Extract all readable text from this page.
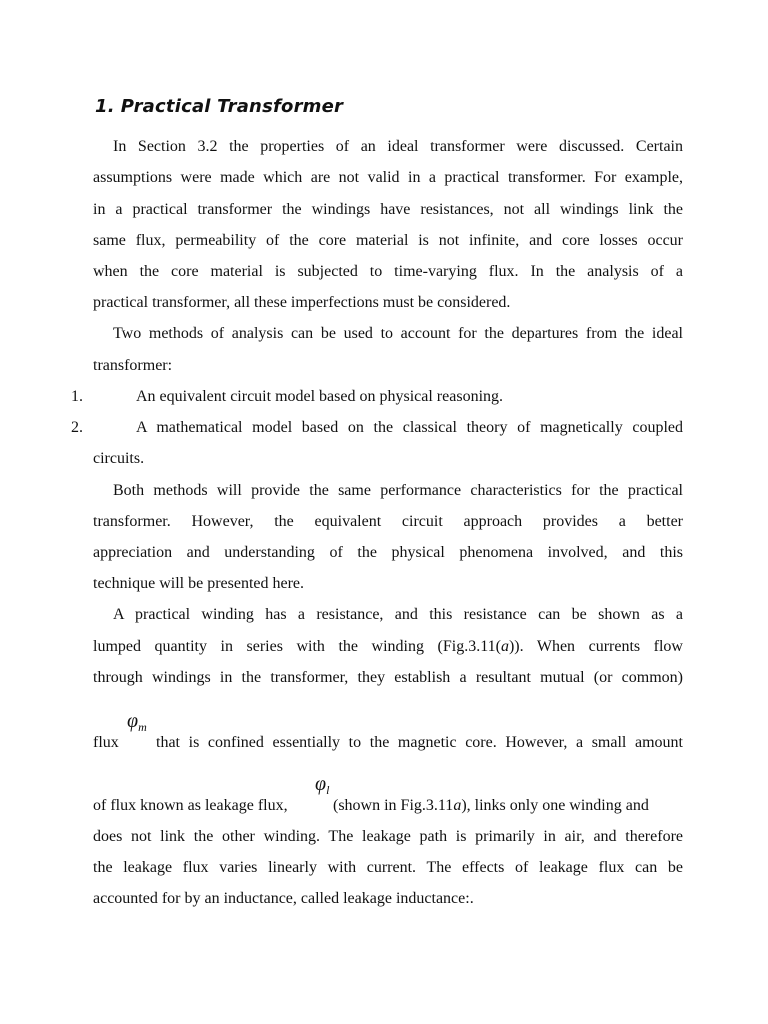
1. Practical Transformer
In Section 3.2 the properties of an ideal transformer were discussed. Certain
assumptions were made which are not valid in a practical transformer. For example,
in a practical transformer the windings have resistances, not all windings link the
same flux, permeability of the core material is not infinite, and core losses occur
when the core material is subjected to time-varying flux. In the analysis of a
practical transformer, all these imperfections must be considered.
Two methods of analysis can be used to account for the departures from the ideal
transformer:
1.	An equivalent circuit model based on physical reasoning.
2.	A mathematical model based on the classical theory of magnetically coupled
circuits.
Both methods will provide the same performance characteristics for the practical
transformer. However, the equivalent circuit approach provides a better
appreciation and understanding of the physical phenomena involved, and this
technique will be presented here.
A practical winding has a resistance, and this resistance can be shown as a
lumped quantity in series with the winding (Fig.3.11(a)). When currents flow
through windings in the transformer, they establish a resultant mutual (or common)
$\varphi_m$
flux that is confined essentially to the magnetic core. However, a small amount
$\varphi_l$
of flux known as leakage flux,	(shown in Fig.3.11a), links only one winding and
does not link the other winding. The leakage path is primarily in air, and therefore
the leakage flux varies linearly with current. The effects of leakage flux can be
accounted for by an inductance, called leakage inductance:.
